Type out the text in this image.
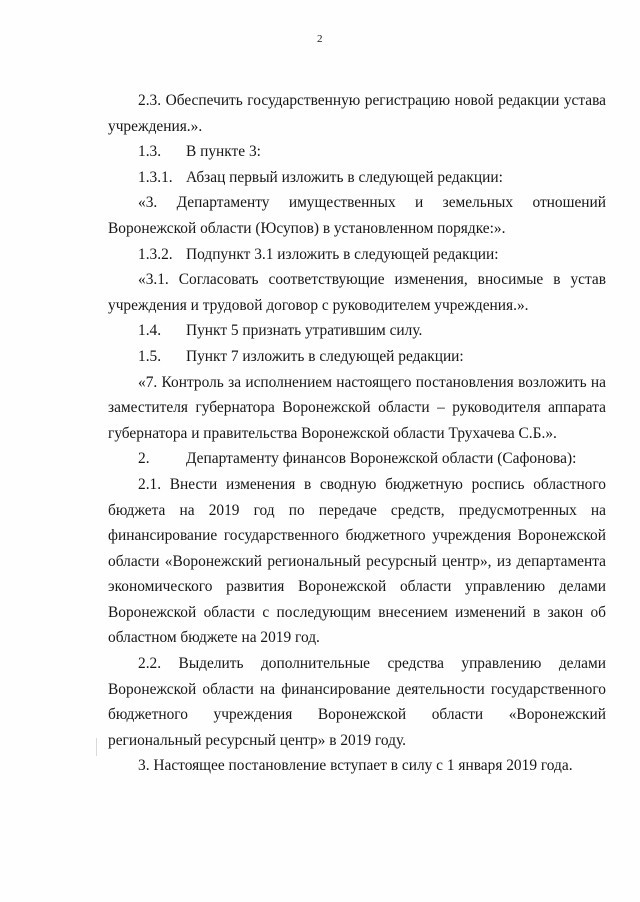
2

2.3. Обеспечить государственную регистрацию новой редакции устава учреждения.».

1.3. В пункте 3:

1.3.1. Абзац первый изложить в следующей редакции:

«3. Департаменту имущественных и земельных отношений

Воронежской области (Юсупов) в установленном порядке:».

1.3.2. Подпункт 3.1 изложить в следующей редакции:

«3.1. Согласовать соответствующие изменения, вносимые в устав учреждения и трудовой договор с руководителем учреждения.».

1.4. Пункт 5 признать утратившим силу.

1.5. Пункт 7 изложить в следующей редакции:

«7. Контроль за исполнением настоящего постановления возложить на заместителя губернатора Воронежской области – руководителя аппарата губернатора и правительства Воронежской области Трухачева С.Б.».

2. Департаменту финансов Воронежской области (Сафонова):

2.1. Внести изменения в сводную бюджетную роспись областного бюджета на 2019 год по передаче средств, предусмотренных на финансирование государственного бюджетного учреждения Воронежской области «Воронежский региональный ресурсный центр», из департамента экономического развития Воронежской области управлению делами Воронежской области с последующим внесением изменений в закон об областном бюджете на 2019 год.

2.2. Выделить дополнительные средства управлению делами Воронежской области на финансирование деятельности государственного бюджетного учреждения Воронежской области «Воронежский региональный ресурсный центр» в 2019 году.

3. Настоящее постановление вступает в силу с 1 января 2019 года.
